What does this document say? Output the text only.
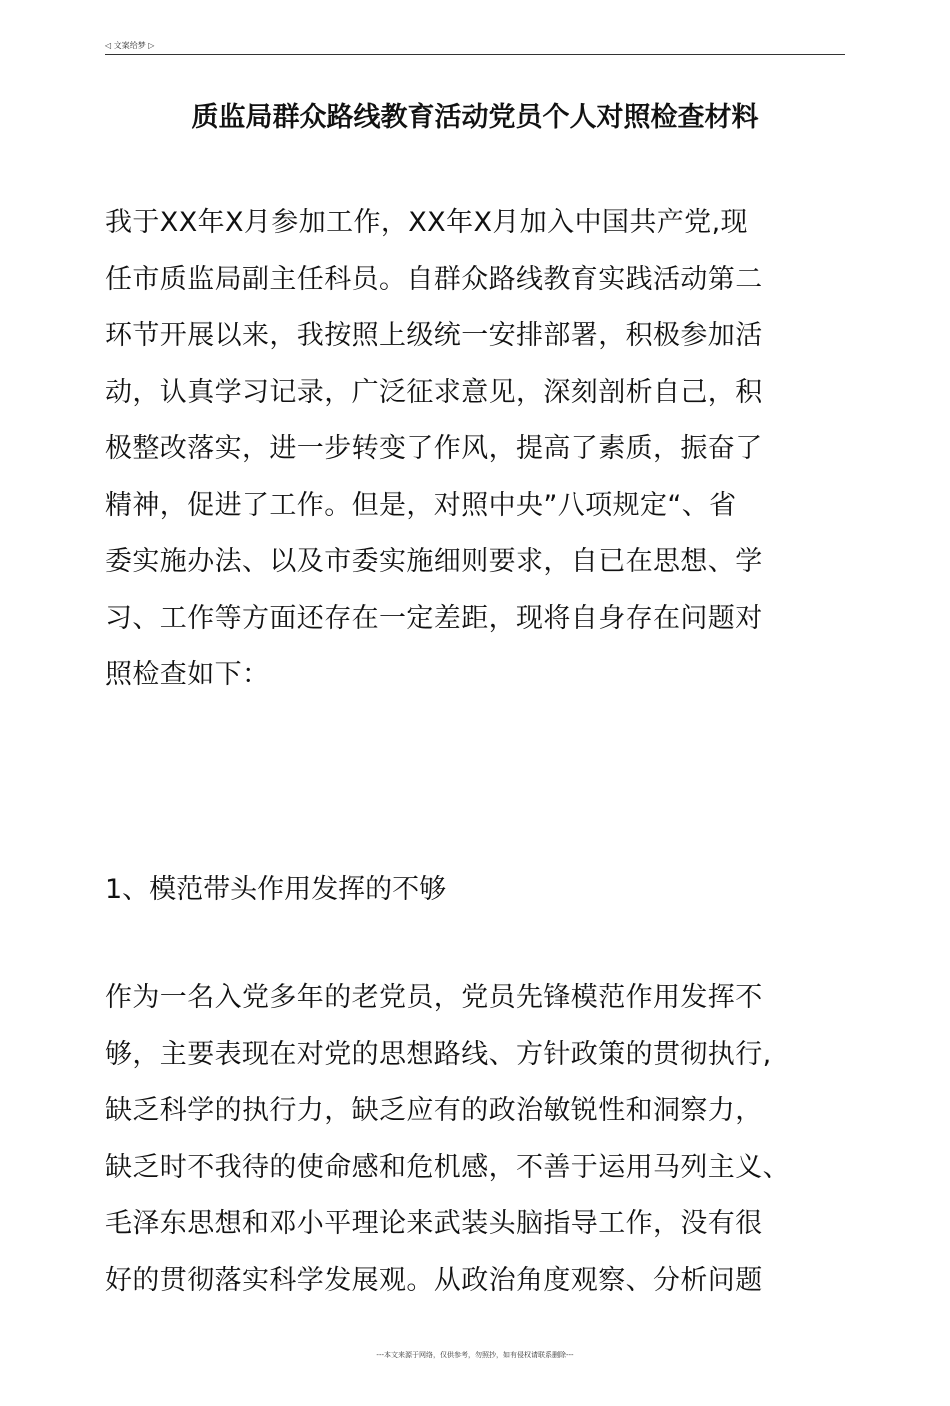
◁ 文案给梦 ▷
质监局群众路线教育活动党员个人对照检查材料
我于XX年X月参加工作，XX年X月加入中国共产党,现
任市质监局副主任科员。自群众路线教育实践活动第二
环节开展以来，我按照上级统一安排部署，积极参加活
动，认真学习记录，广泛征求意见，深刻剖析自己，积
极整改落实，进一步转变了作风，提高了素质，振奋了
精神，促进了工作。但是，对照中央”八项规定“、省
委实施办法、以及市委实施细则要求，自已在思想、学
习、工作等方面还存在一定差距，现将自身存在问题对
照检查如下：
1、模范带头作用发挥的不够
作为一名入党多年的老党员，党员先锋模范作用发挥不
够，主要表现在对党的思想路线、方针政策的贯彻执行,
缺乏科学的执行力，缺乏应有的政治敏锐性和洞察力，
缺乏时不我待的使命感和危机感，不善于运用马列主义、
毛泽东思想和邓小平理论来武装头脑指导工作，没有很
好的贯彻落实科学发展观。从政治角度观察、分析问题
---本文来源于网络，仅供参考，勿照抄，如有侵权请联系删除---
